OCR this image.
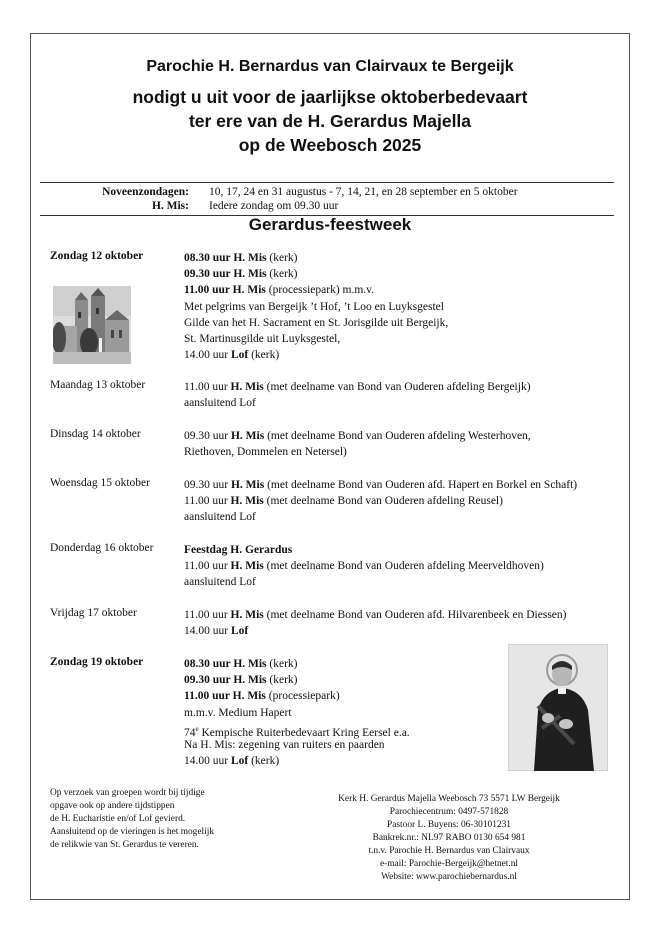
Parochie H. Bernardus van Clairvaux te Bergeijk
nodigt u uit voor de jaarlijkse oktoberbedevaart
ter ere van de H. Gerardus Majella
op de Weebosch 2025
Noveenzondagen:	10, 17, 24 en 31 augustus - 7, 14, 21, en 28 september en 5 oktober
H. Mis:	Iedere zondag om 09.30 uur
Gerardus-feestweek
Zondag 12 oktober	08.30 uur H. Mis (kerk)
09.30 uur H. Mis (kerk)
11.00 uur H. Mis (processiepark) m.m.v.
Met pelgrims van Bergeijk ’t Hof, ’t Loo en Luyksgestel
Gilde van het H. Sacrament en St. Jorisgilde uit Bergeijk,
St. Martinusgilde uit Luyksgestel,
14.00 uur Lof (kerk)
Maandag 13 oktober	11.00 uur H. Mis (met deelname van Bond van Ouderen afdeling Bergeijk)
aansluitend Lof
Dinsdag 14 oktober	09.30 uur H. Mis (met deelname Bond van Ouderen afdeling Westerhoven,
Riethoven, Dommelen en Netersel)
Woensdag 15 oktober	09.30 uur H. Mis (met deelname Bond van Ouderen afd. Hapert en Borkel en Schaft)
11.00 uur H. Mis (met deelname Bond van Ouderen afdeling Reusel)
aansluitend Lof
Donderdag 16 oktober	Feestdag H. Gerardus
11.00 uur H. Mis (met deelname Bond van Ouderen afdeling Meerveldhoven)
aansluitend Lof
Vrijdag 17 oktober	11.00 uur H. Mis (met deelname Bond van Ouderen afd. Hilvarenbeek en Diessen)
14.00 uur Lof
Zondag 19 oktober	08.30 uur H. Mis (kerk)
09.30 uur H. Mis (kerk)
11.00 uur H. Mis (processiepark)
m.m.v. Medium Hapert
74e Kempische Ruiterbedevaart Kring Eersel e.a.
Na H. Mis: zegening van ruiters en paarden
14.00 uur Lof (kerk)
Op verzoek van groepen wordt bij tijdige
opgave ook op andere tijdstippen
de H. Eucharistie en/of Lof gevierd.
Aansluitend op de vieringen is het mogelijk
de relikwie van St. Gerardus te vereren.
Kerk H. Gerardus Majella Weebosch 73 5571 LW Bergeijk
Parochiecentrum: 0497-571828
Pastoor L. Buyens: 06-30101231
Bankrek.nr.: NL97 RABO 0130 654 981
t.n.v. Parochie H. Bernardus van Clairvaux
e-mail: Parochie-Bergeijk@hetnet.nl
Website: www.parochiebernardus.nl
